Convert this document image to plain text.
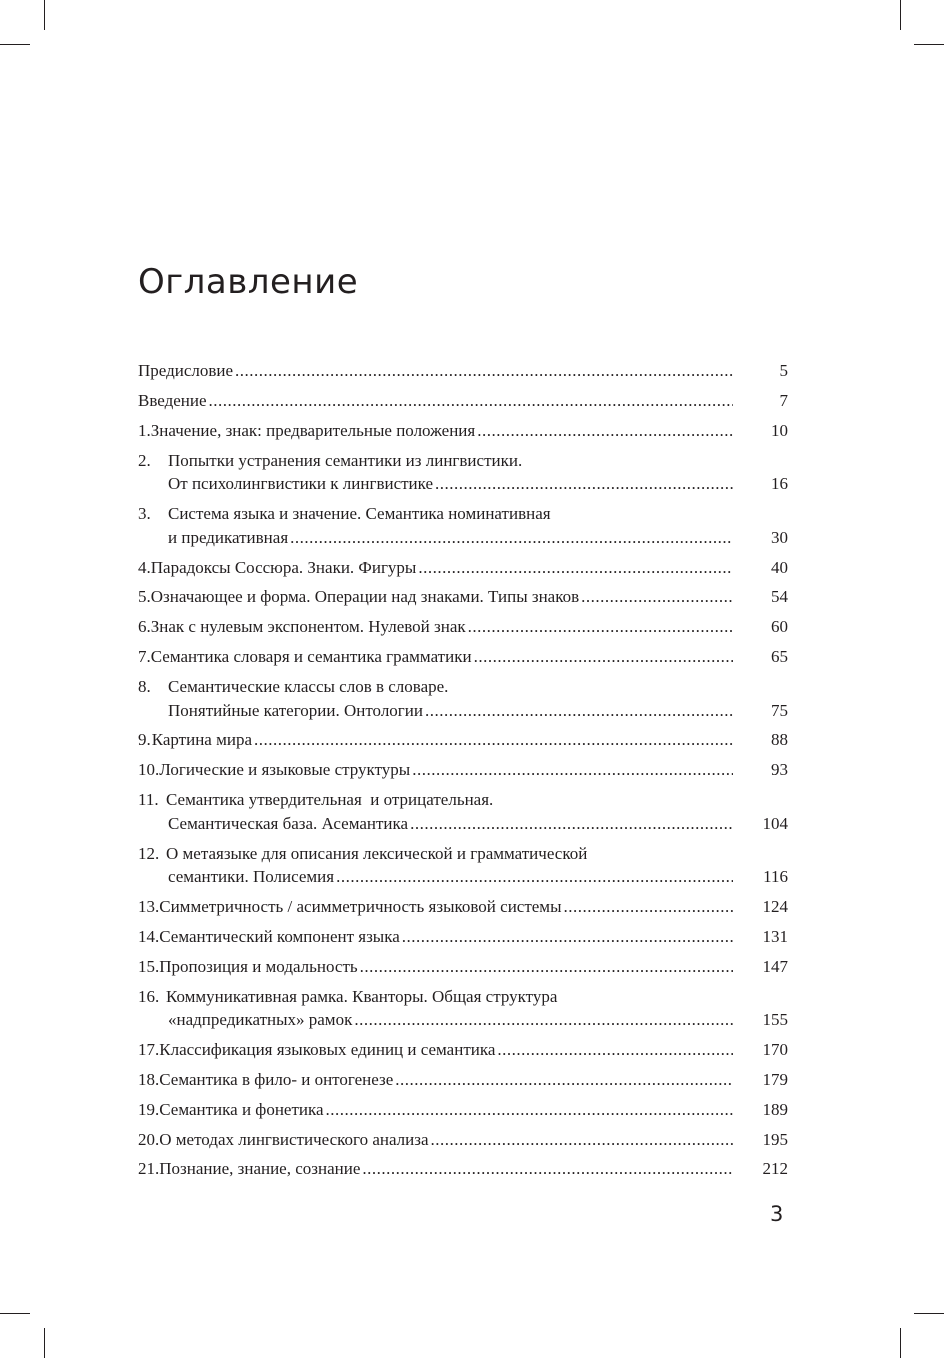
Оглавление
Предисловие .....	5
Введение .....	7
1. Значение, знак: предварительные положения .....	10
2.	Попытки устранения семантики из лингвистики.
От психолингвистики к лингвистике .....	16
3.	Система языка и значение. Семантика номинативная
и предикативная .....	30
4. Парадоксы Соссюра. Знаки. Фигуры .....	40
5. Означающее и форма. Операции над знаками. Типы знаков .....	54
6. Знак с нулевым экспонентом. Нулевой знак .....	60
7. Семантика словаря и семантика грамматики .....	65
8.	Семантические классы слов в словаре.
Понятийные категории. Онтологии .....	75
9. Картина мира .....	88
10. Логические и языковые структуры .....	93
11. Семантика утвердительная  и отрицательная.
Семантическая база. Асемантика .....	104
12. О метаязыке для описания лексической и грамматической
семантики. Полисемия .....	116
13. Симметричность / асимметричность языковой системы .....	124
14. Семантический компонент языка .....	131
15. Пропозиция и модальность .....	147
16. Коммуникативная рамка. Кванторы. Общая структура
«надпредикатных» рамок .....	155
17. Классификация языковых единиц и семантика .....	170
18. Семантика в фило- и онтогенезе .....	179
19. Семантика и фонетика .....	189
20. О методах лингвистического анализа .....	195
21. Познание, знание, сознание .....	212
3
